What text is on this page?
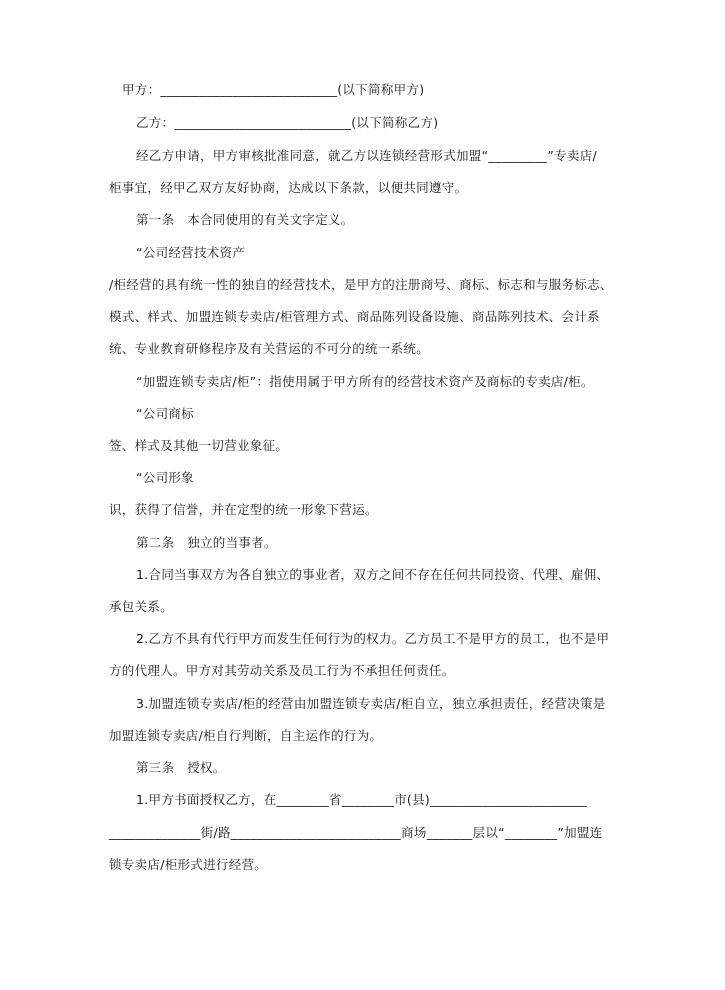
甲方：___________________________(以下简称甲方)
乙方：___________________________(以下简称乙方)
经乙方申请，甲方审核批准同意，就乙方以连锁经营形式加盟“_________”专卖店/
柜事宜，经甲乙双方友好协商，达成以下条款，以便共同遵守。
第一条　本合同使用的有关文字定义。
“公司经营技术资产
/柜经营的具有统一性的独自的经营技术，是甲方的注册商号、商标、标志和与服务标志、
模式、样式、加盟连锁专卖店/柜管理方式、商品陈列设备设施、商品陈列技术、会计系
统、专业教育研修程序及有关营运的不可分的统一系统。
“加盟连锁专卖店/柜”：指使用属于甲方所有的经营技术资产及商标的专卖店/柜。
“公司商标
签、样式及其他一切营业象征。
“公司形象
识，获得了信誉，并在定型的统一形象下营运。
第二条　独立的当事者。
1.合同当事双方为各自独立的事业者，双方之间不存在任何共同投资、代理、雇佣、
承包关系。
2.乙方不具有代行甲方而发生任何行为的权力。乙方员工不是甲方的员工，也不是甲
方的代理人。甲方对其劳动关系及员工行为不承担任何责任。
3.加盟连锁专卖店/柜的经营由加盟连锁专卖店/柜自立，独立承担责任，经营决策是
加盟连锁专卖店/柜自行判断，自主运作的行为。
第三条　授权。
1.甲方书面授权乙方，在________省________市(县)________________________
______________街/路__________________________商场_______层以“________”加盟连
锁专卖店/柜形式进行经营。
